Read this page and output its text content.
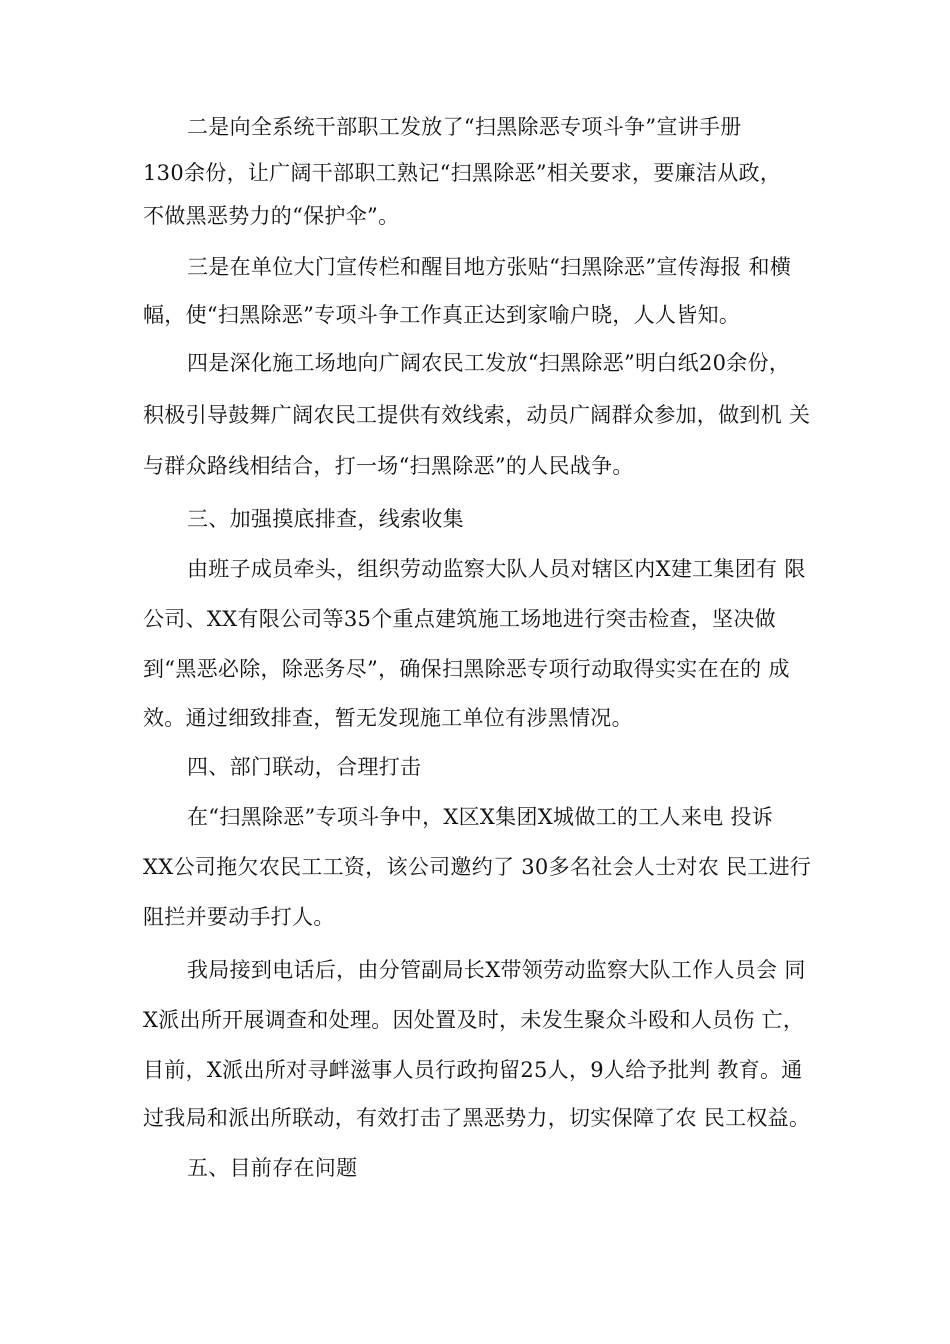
二是向全系统干部职工发放了“扫黑除恶专项斗争”宣讲手册
130余份，让广阔干部职工熟记“扫黑除恶”相关要求，要廉洁从政，
不做黑恶势力的“保护伞”。
三是在单位大门宣传栏和醒目地方张贴“扫黑除恶”宣传海报 和横
幅，使“扫黑除恶”专项斗争工作真正达到家喻户晓，人人皆知。
四是深化施工场地向广阔农民工发放“扫黑除恶”明白纸20余份，
积极引导鼓舞广阔农民工提供有效线索，动员广阔群众参加，做到机 关
与群众路线相结合，打一场“扫黑除恶”的人民战争。
三、加强摸底排查，线索收集
由班子成员牵头，组织劳动监察大队人员对辖区内X建工集团有 限
公司、XX有限公司等35个重点建筑施工场地进行突击检查，坚决做
到“黑恶必除，除恶务尽”，确保扫黑除恶专项行动取得实实在在的 成
效。通过细致排查，暂无发现施工单位有涉黑情况。
四、部门联动，合理打击
在“扫黑除恶”专项斗争中，X区X集团X城做工的工人来电 投诉
XX公司拖欠农民工工资，该公司邀约了 30多名社会人士对农 民工进行
阻拦并要动手打人。
我局接到电话后，由分管副局长X带领劳动监察大队工作人员会 同
X派出所开展调查和处理。因处置及时，未发生聚众斗殴和人员伤 亡，
目前，X派出所对寻衅滋事人员行政拘留25人，9人给予批判 教育。通
过我局和派出所联动，有效打击了黑恶势力，切实保障了农 民工权益。
五、目前存在问题
